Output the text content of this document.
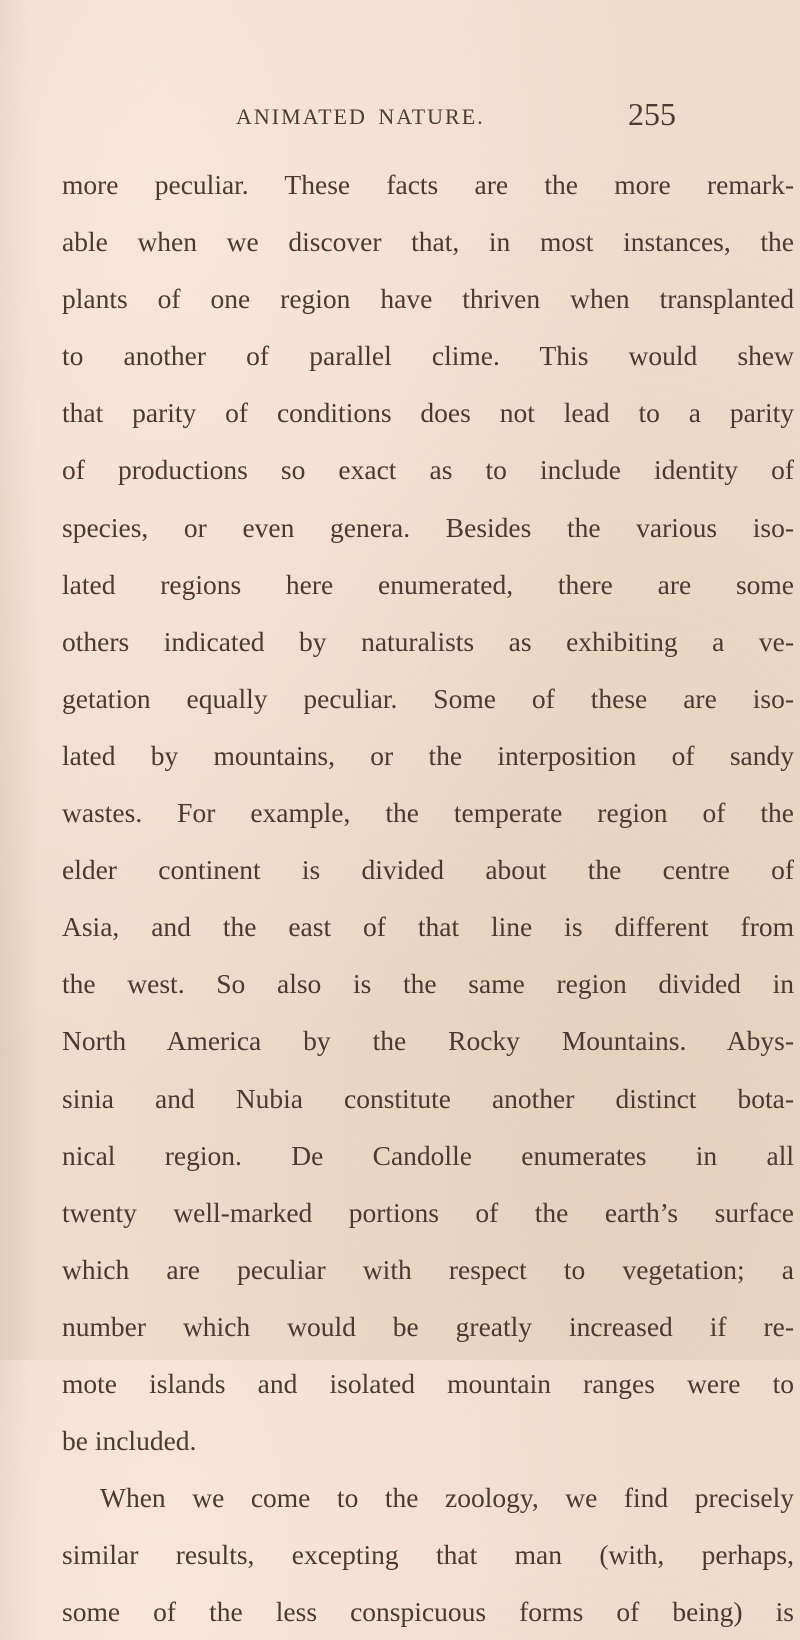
ANIMATED NATURE.	255
more peculiar. These facts are the more remark-
able when we discover that, in most instances, the
plants of one region have thriven when transplanted
to another of parallel clime. This would shew
that parity of conditions does not lead to a parity
of productions so exact as to include identity of
species, or even genera. Besides the various iso-
lated regions here enumerated, there are some
others indicated by naturalists as exhibiting a ve-
getation equally peculiar. Some of these are iso-
lated by mountains, or the interposition of sandy
wastes. For example, the temperate region of the
elder continent is divided about the centre of
Asia, and the east of that line is different from
the west. So also is the same region divided in
North America by the Rocky Mountains. Abys-
sinia and Nubia constitute another distinct bota-
nical region. De Candolle enumerates in all
twenty well-marked portions of the earth’s surface
which are peculiar with respect to vegetation; a
number which would be greatly increased if re-
mote islands and isolated mountain ranges were to
be included.
When we come to the zoology, we find precisely
similar results, excepting that man (with, perhaps,
some of the less conspicuous forms of being) is
